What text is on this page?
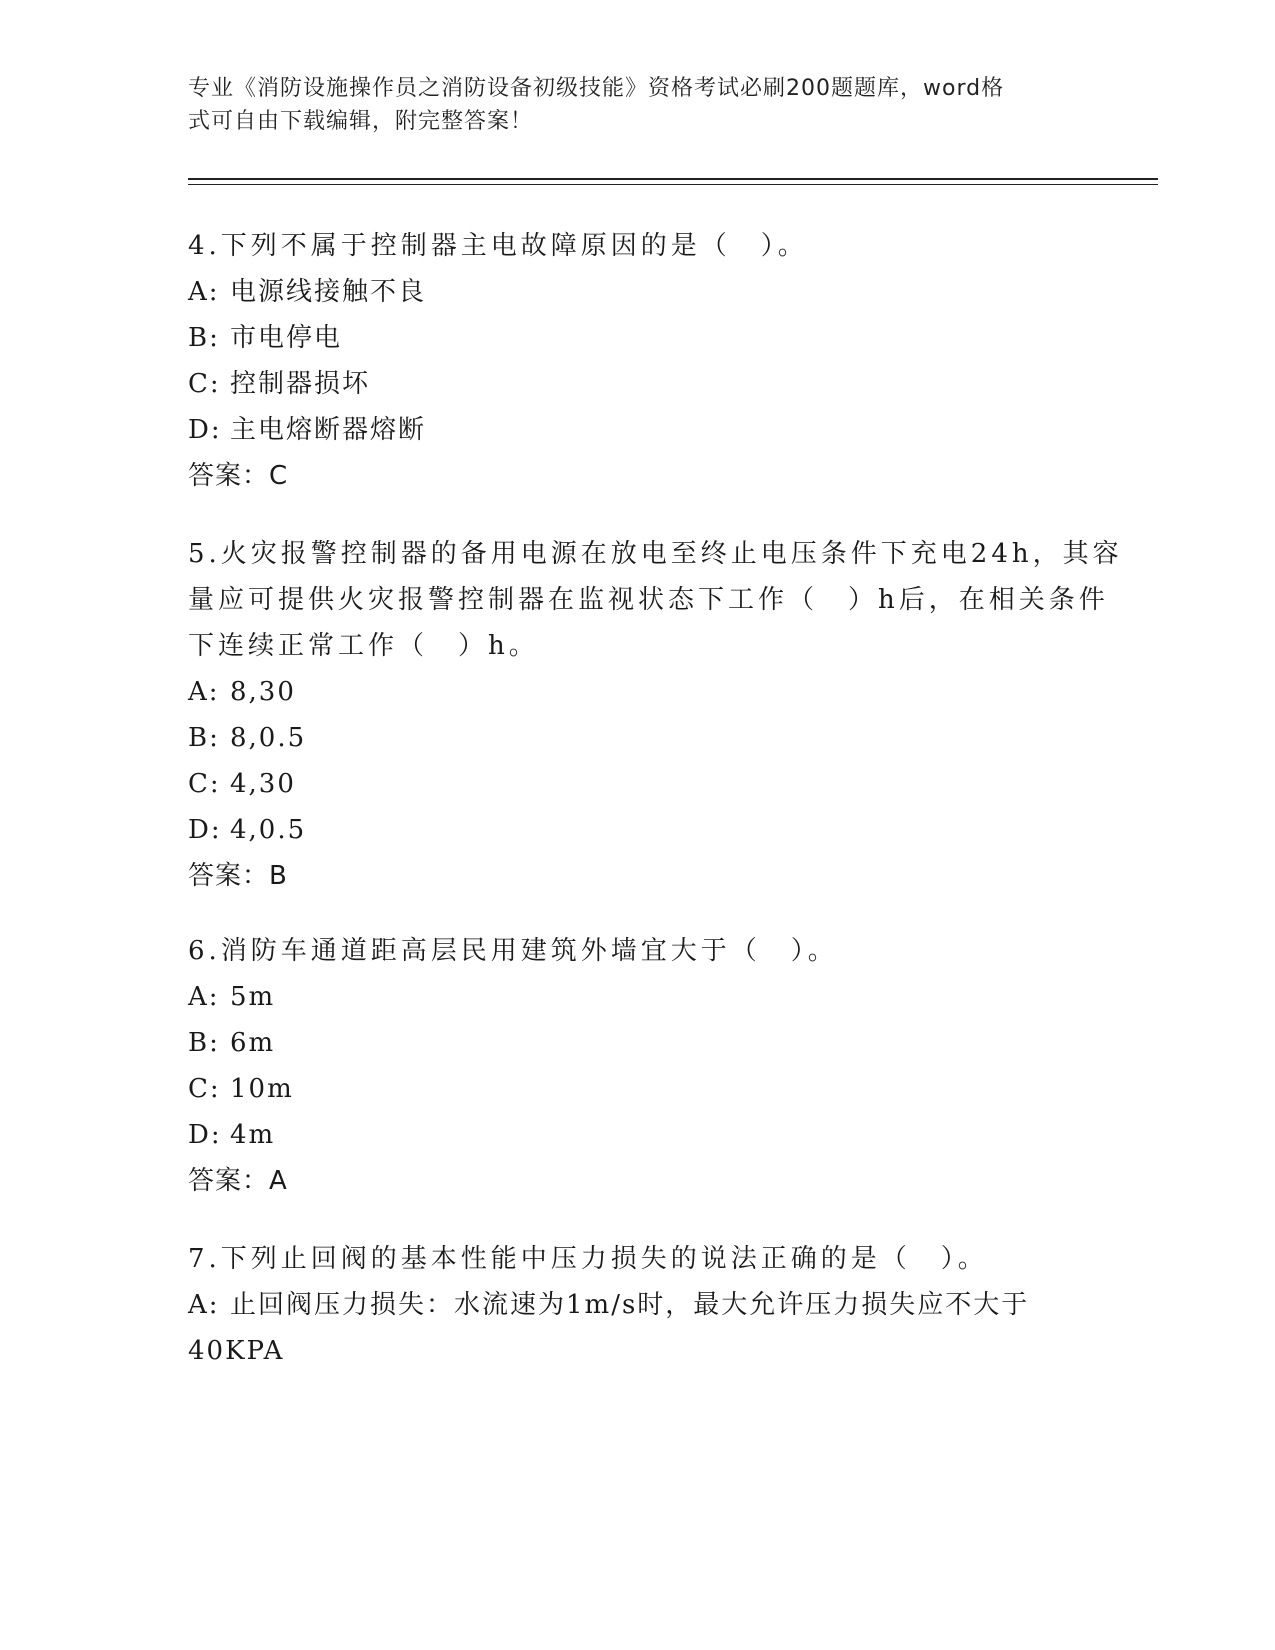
专业《消防设施操作员之消防设备初级技能》资格考试必刷200题题库，word格
式可自由下载编辑，附完整答案！
4.下列不属于控制器主电故障原因的是（　）。
A: 电源线接触不良
B: 市电停电
C: 控制器损坏
D: 主电熔断器熔断
答案：C
5.火灾报警控制器的备用电源在放电至终止电压条件下充电24h，其容
量应可提供火灾报警控制器在监视状态下工作（　）h后，在相关条件
下连续正常工作（　）h。
A: 8,30
B: 8,0.5
C: 4,30
D: 4,0.5
答案：B
6.消防车通道距高层民用建筑外墙宜大于（　）。
A: 5m
B: 6m
C: 10m
D: 4m
答案：A
7.下列止回阀的基本性能中压力损失的说法正确的是（　）。
A: 止回阀压力损失：水流速为1m/s时，最大允许压力损失应不大于
40KPA
